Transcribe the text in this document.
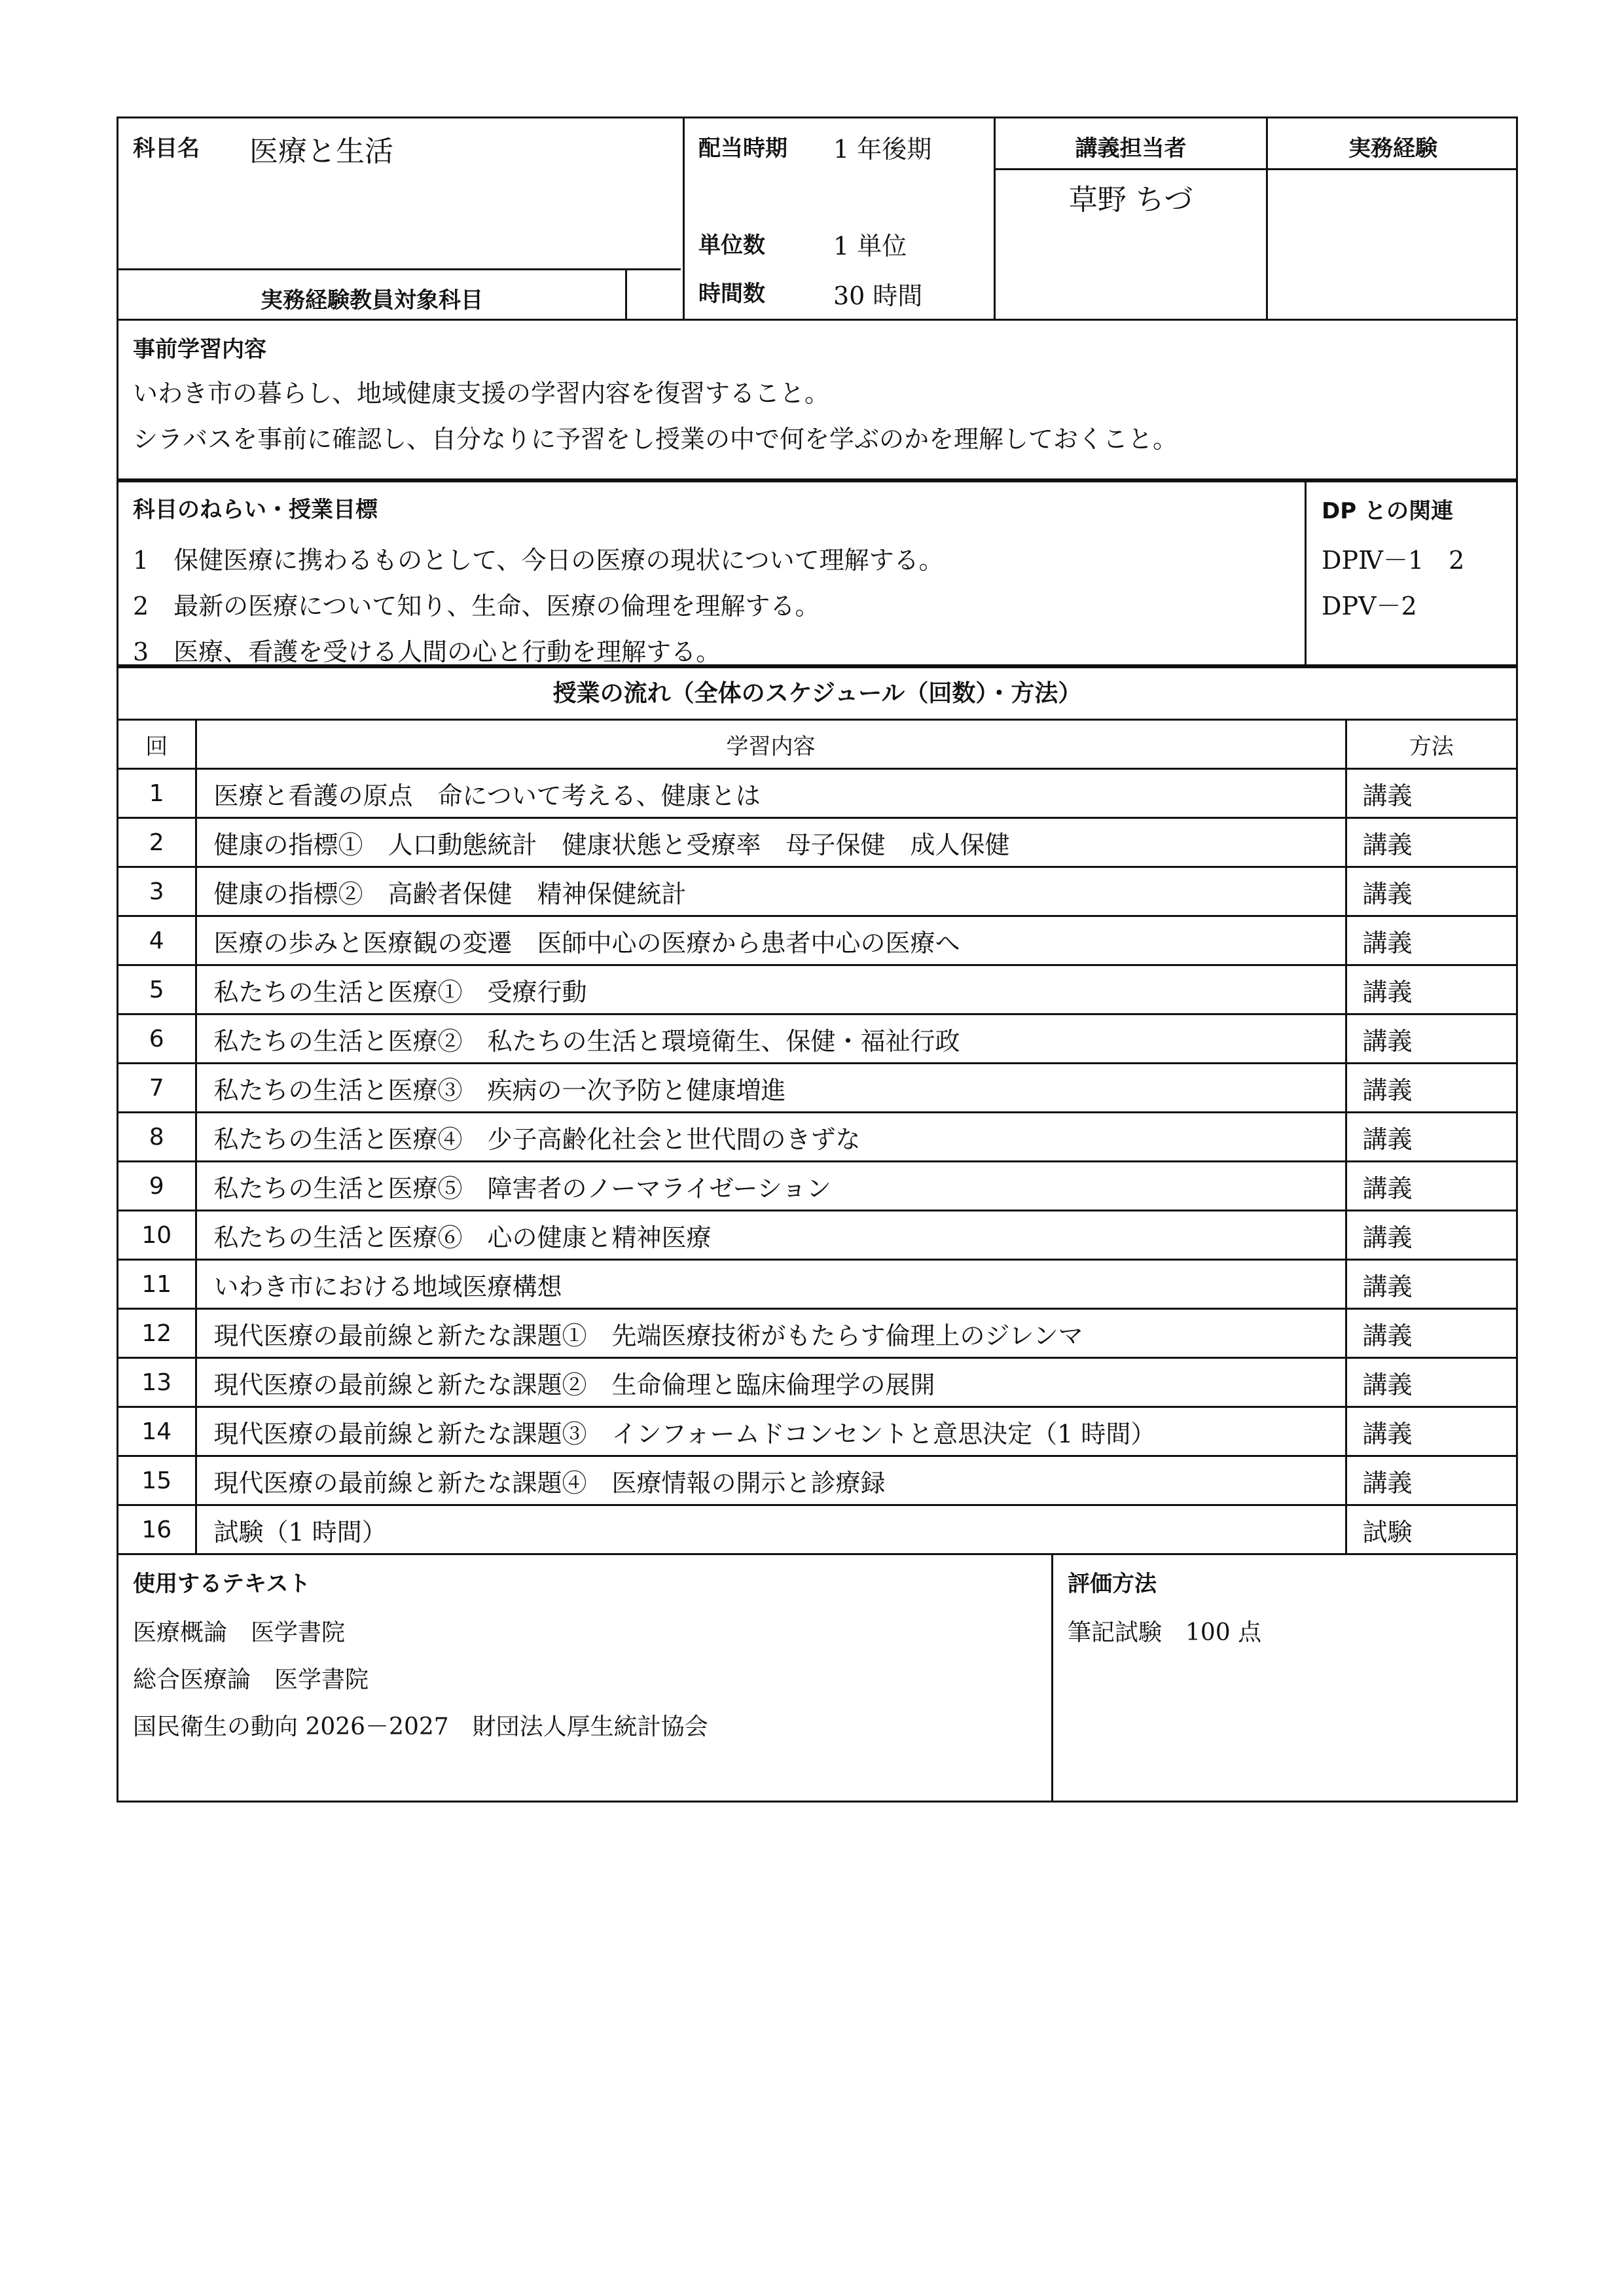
科目名 医療と生活
実務経験教員対象科目
配当時期 1 年後期
単位数	1 単位
時間数	30 時間
講義担当者
草野 ちづ
実務経験
事前学習内容
いわき市の暮らし、地域健康支援の学習内容を復習すること。
シラバスを事前に確認し、自分なりに予習をし授業の中で何を学ぶのかを理解しておくこと。
科目のねらい・授業目標
1　保健医療に携わるものとして、今日の医療の現状について理解する。
2　最新の医療について知り、生命、医療の倫理を理解する。
3　医療、看護を受ける人間の心と行動を理解する。
DP との関連
DPⅣ－1　2
DPⅤ－2
授業の流れ（全体のスケジュール（回数）・方法）
回	学習内容	方法
1	医療と看護の原点　命について考える、健康とは	講義
2	健康の指標①　人口動態統計　健康状態と受療率　母子保健　成人保健	講義
3	健康の指標②　高齢者保健　精神保健統計	講義
4	医療の歩みと医療観の変遷　医師中心の医療から患者中心の医療へ	講義
5	私たちの生活と医療①　受療行動	講義
6	私たちの生活と医療②　私たちの生活と環境衛生、保健・福祉行政	講義
7	私たちの生活と医療③　疾病の一次予防と健康増進	講義
8	私たちの生活と医療④　少子高齢化社会と世代間のきずな	講義
9	私たちの生活と医療⑤　障害者のノーマライゼーション	講義
10	私たちの生活と医療⑥　心の健康と精神医療	講義
11	いわき市における地域医療構想	講義
12	現代医療の最前線と新たな課題①　先端医療技術がもたらす倫理上のジレンマ	講義
13	現代医療の最前線と新たな課題②　生命倫理と臨床倫理学の展開	講義
14	現代医療の最前線と新たな課題③　インフォームドコンセントと意思決定（1 時間）	講義
15	現代医療の最前線と新たな課題④　医療情報の開示と診療録	講義
16	試験（1 時間）	試験
使用するテキスト
医療概論　医学書院
総合医療論　医学書院
国民衛生の動向 2026－2027　財団法人厚生統計協会
評価方法
筆記試験　100 点
